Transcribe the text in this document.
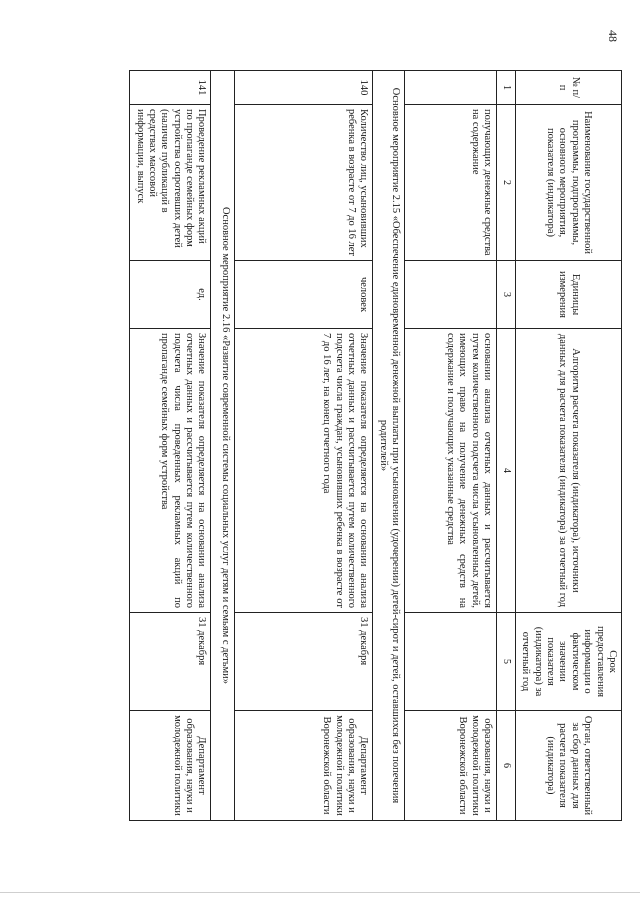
48
№ п/п	Наименование государственной программы, подпрограммы, основного мероприятия, показателя (индикатора)	Единицы измерения	Алгоритм расчета показателя (индикатора), источники данных для расчета показателя (индикатора) за отчетный год	Срок предоставления информации о фактическом значении показателя (индикатора) за отчетный год	Орган, ответственный за сбор данных для расчета показателя (индикатора)
1	2	3	4	5	6
	получающих денежные средства на содержание		основании анализа отчетных данных и рассчитывается путем количественного подсчета числа усыновленных детей, имеющих право на получение денежных средств на содержание и получающих указанные средства		образования, науки и молодежной политики Воронежской области
Основное мероприятие 2.15 «Обеспечение единовременной денежной выплаты при усыновлении (удочерении) детей-сирот и детей, оставшихся без попечения родителей»					
140	Количество лиц, усыновивших ребенка в возрасте от 7 до 16 лет	человек	Значение показателя определяется на основании анализа отчетных данных и рассчитывается путем количественного подсчета числа граждан, усыновивших ребенка в возрасте от 7 до 16 лет, на конец отчетного года	31 декабря	Департамент образования, науки и молодежной политики Воронежской области
Основное мероприятие 2.16 «Развитие современной системы социальных услуг детям и семьям с детьми»					
141	Проведение рекламных акций по пропаганде семейных форм устройства осиротевших детей (наличие публикаций в средствах массовой информации, выпуск	ед.	Значение показателя определяется на основании анализа отчетных данных и рассчитывается путем количественного подсчета числа проведенных рекламных акций по пропаганде семейных форм устройства	31 декабря	Департамент образования, науки и молодежной политики
